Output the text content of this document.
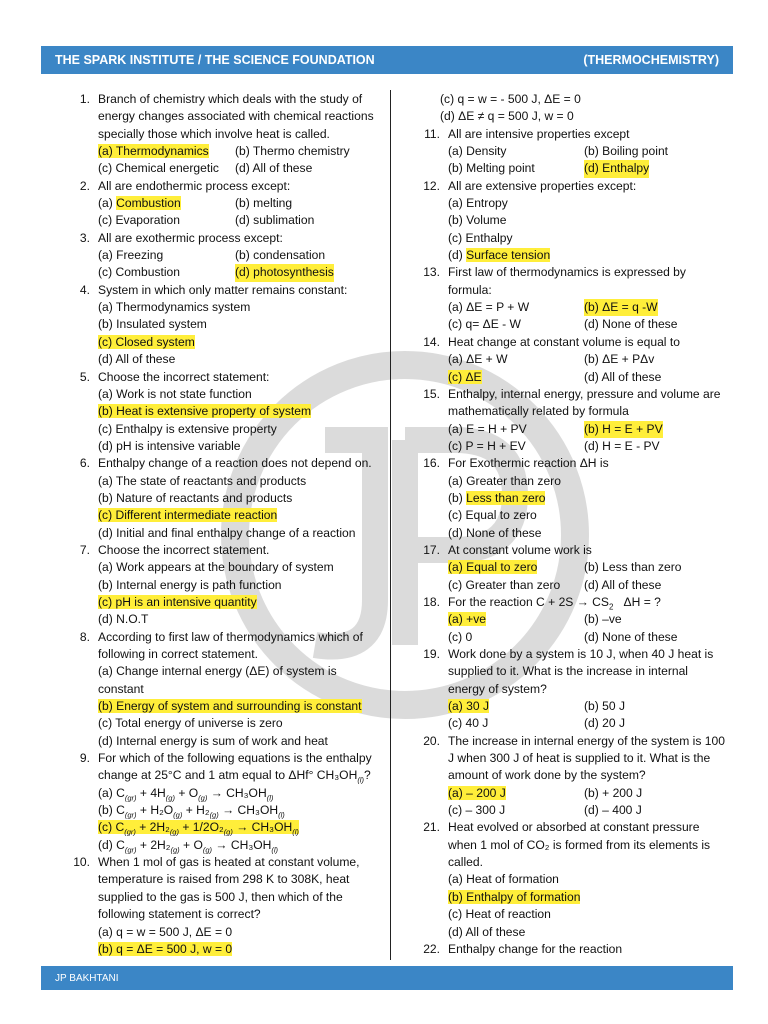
THE SPARK INSTITUTE / THE SCIENCE FOUNDATION	(THERMOCHEMISTRY)
1. Branch of chemistry which deals with the study of
energy changes associated with chemical reactions
specially those which involve heat is called.
(a) Thermodynamics	(b) Thermo chemistry
(c) Chemical energetic	(d) All of these
2. All are endothermic process except:
(a) Combustion	(b) melting
(c) Evaporation	(d) sublimation
3. All are exothermic process except:
(a) Freezing	(b) condensation
(c) Combustion	(d) photosynthesis
4. System in which only matter remains constant:
(a) Thermodynamics system
(b) Insulated system
(c) Closed system
(d) All of these
5. Choose the incorrect statement:
(a) Work is not state function
(b) Heat is extensive property of system
(c) Enthalpy is extensive property
(d) pH is intensive variable
6. Enthalpy change of a reaction does not depend on.
(a) The state of reactants and products
(b) Nature of reactants and products
(c) Different intermediate reaction
(d) Initial and final enthalpy change of a reaction
7. Choose the incorrect statement.
(a) Work appears at the boundary of system
(b) Internal energy is path function
(c) pH is an intensive quantity
(d) N.O.T
8. According to first law of thermodynamics which of
following in correct statement.
(a) Change internal energy (ΔE) of system is
constant
(b) Energy of system and surrounding is constant
(c) Total energy of universe is zero
(d) Internal energy is sum of work and heat
9. For which of the following equations is the enthalpy
change at 25°C and 1 atm equal to ΔHf° $CH_3OH_{(l)}$?
(a) $C_{(gr)} + 4H_{(g)} + O_{(g)} \to CH_3OH_{(l)}$
(b) $C_{(gr)} + H_2O_{(g)} + H_2_{(g)} \to CH_3OH_{(l)}$
(c) $C_{(gr)} + 2H_2_{(g)} + 1/2O_2_{(g)} \to CH_3OH_{(l)}$
(d) $C_{(gr)} + 2H_2_{(g)} + O_{(g)} \to CH_3OH_{(l)}$
10. When 1 mol of gas is heated at constant volume,
temperature is raised from 298 K to 308K, heat
supplied to the gas is 500 J, then which of the
following statement is correct?
(a) q = w = 500 J, ΔE = 0
(b) q = ΔE = 500 J, w = 0
(c) q = w = - 500 J, ΔE = 0
(d) ΔE ≠ q = 500 J, w = 0
11. All are intensive properties except
(a) Density	(b) Boiling point
(b) Melting point	(d) Enthalpy
12. All are extensive properties except:
(a) Entropy
(b) Volume
(c) Enthalpy
(d) Surface tension
13. First law of thermodynamics is expressed by
formula:
(a) ΔE = P + W	(b) ΔE = q -W
(c) q= ΔE - W	(d) None of these
14. Heat change at constant volume is equal to
(a) ΔE + W	(b) ΔE + PΔv
(c) ΔE	(d) All of these
15. Enthalpy, internal energy, pressure and volume are
mathematically related by formula
(a) E = H + PV	(b) H = E + PV
(c) P = H + EV	(d) H = E - PV
16. For Exothermic reaction ΔH is
(a) Greater than zero
(b) Less than zero
(c) Equal to zero
(d) None of these
17. At constant volume work is
(a) Equal to zero	(b) Less than zero
(c) Greater than zero	(d) All of these
18. For the reaction $C + 2S \to CS_2$   ΔH = ?
(a) +ve	(b) –ve
(c) 0	(d) None of these
19. Work done by a system is 10 J, when 40 J heat is
supplied to it. What is the increase in internal
energy of system?
(a) 30 J	(b) 50 J
(c) 40 J	(d) 20 J
20. The increase in internal energy of the system is 100
J when 300 J of heat is supplied to it. What is the
amount of work done by the system?
(a) – 200 J	(b) + 200 J
(c) – 300 J	(d) – 400 J
21. Heat evolved or absorbed at constant pressure
when 1 mol of CO₂ is formed from its elements is
called.
(a) Heat of formation
(b) Enthalpy of formation
(c) Heat of reaction
(d) All of these
22. Enthalpy change for the reaction
JP BAKHTANI
